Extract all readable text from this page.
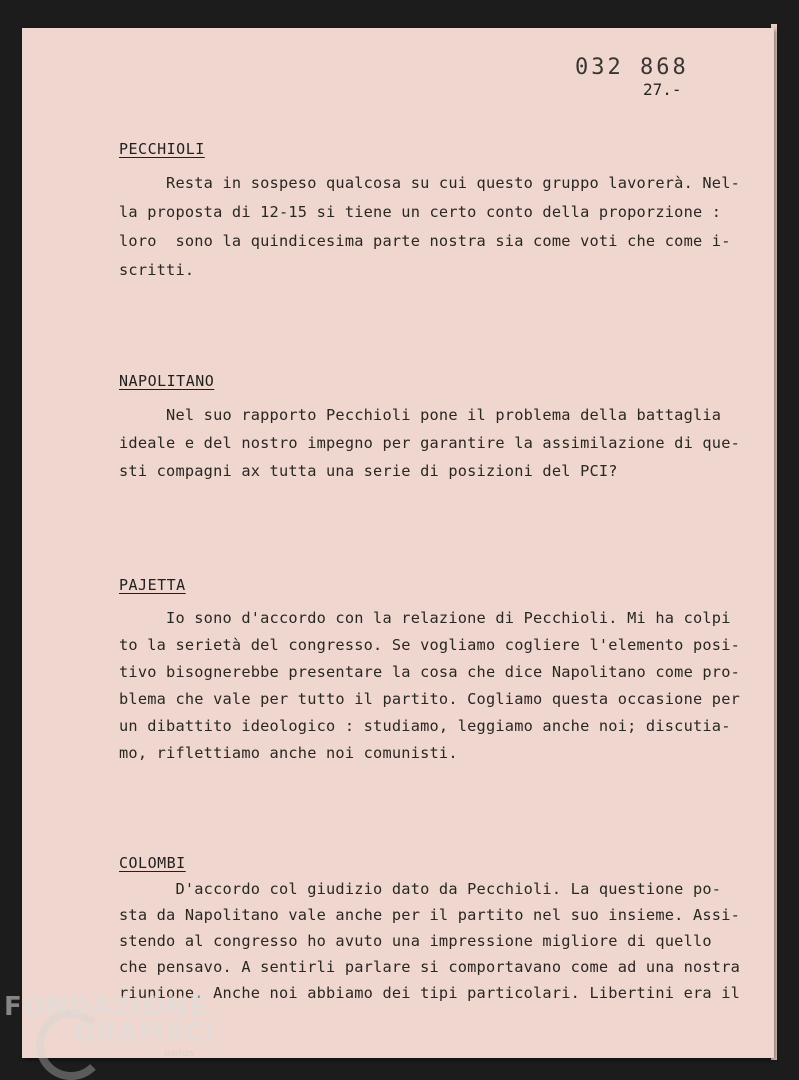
032 868
27.-
PECCHIOLI
Resta in sospeso qualcosa su cui questo gruppo lavorerà. Nel-
la proposta di 12-15 si tiene un certo conto della proporzione :
loro  sono la quindicesima parte nostra sia come voti che come i-
scritti.
NAPOLITANO
Nel suo rapporto Pecchioli pone il problema della battaglia
ideale e del nostro impegno per garantire la assimilazione di que-
sti compagni ax tutta una serie di posizioni del PCI?
PAJETTA
Io sono d'accordo con la relazione di Pecchioli. Mi ha colpi
to la serietà del congresso. Se vogliamo cogliere l'elemento posi-
tivo bisognerebbe presentare la cosa che dice Napolitano come pro-
blema che vale per tutto il partito. Cogliamo questa occasione per
un dibattito ideologico : studiamo, leggiamo anche noi; discutia-
mo, riflettiamo anche noi comunisti.
COLOMBI
D'accordo col giudizio dato da Pecchioli. La questione po-
sta da Napolitano vale anche per il partito nel suo insieme. Assi-
stendo al congresso ho avuto una impressione migliore di quello
che pensavo. A sentirli parlare si comportavano come ad una nostra
riunione. Anche noi abbiamo dei tipi particolari. Libertini era il
FONDAZIONE
GRAMSCI
onlus
